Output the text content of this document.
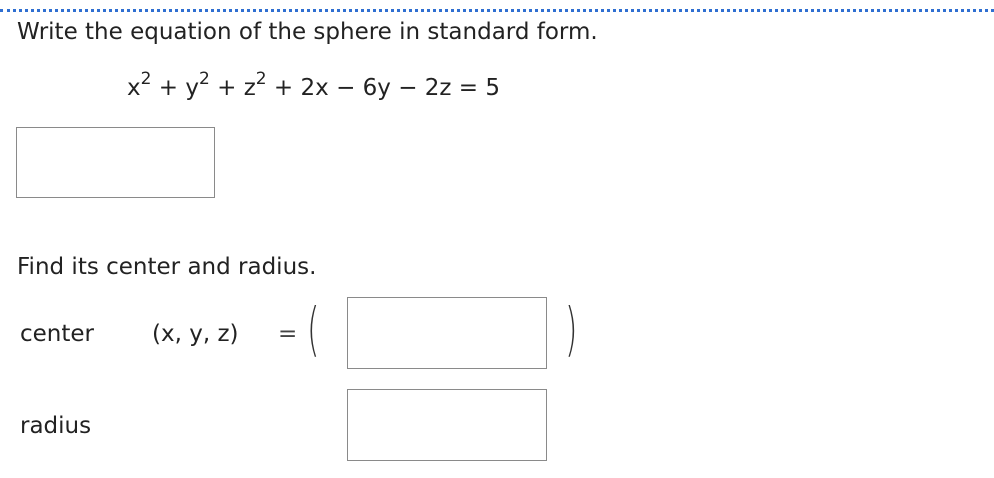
Write the equation of the sphere in standard form.

$x^2 + y^2 + z^2 + 2x - 6y - 2z = 5$

Find its center and radius.

center	(x, y, z) = (	)
radius
